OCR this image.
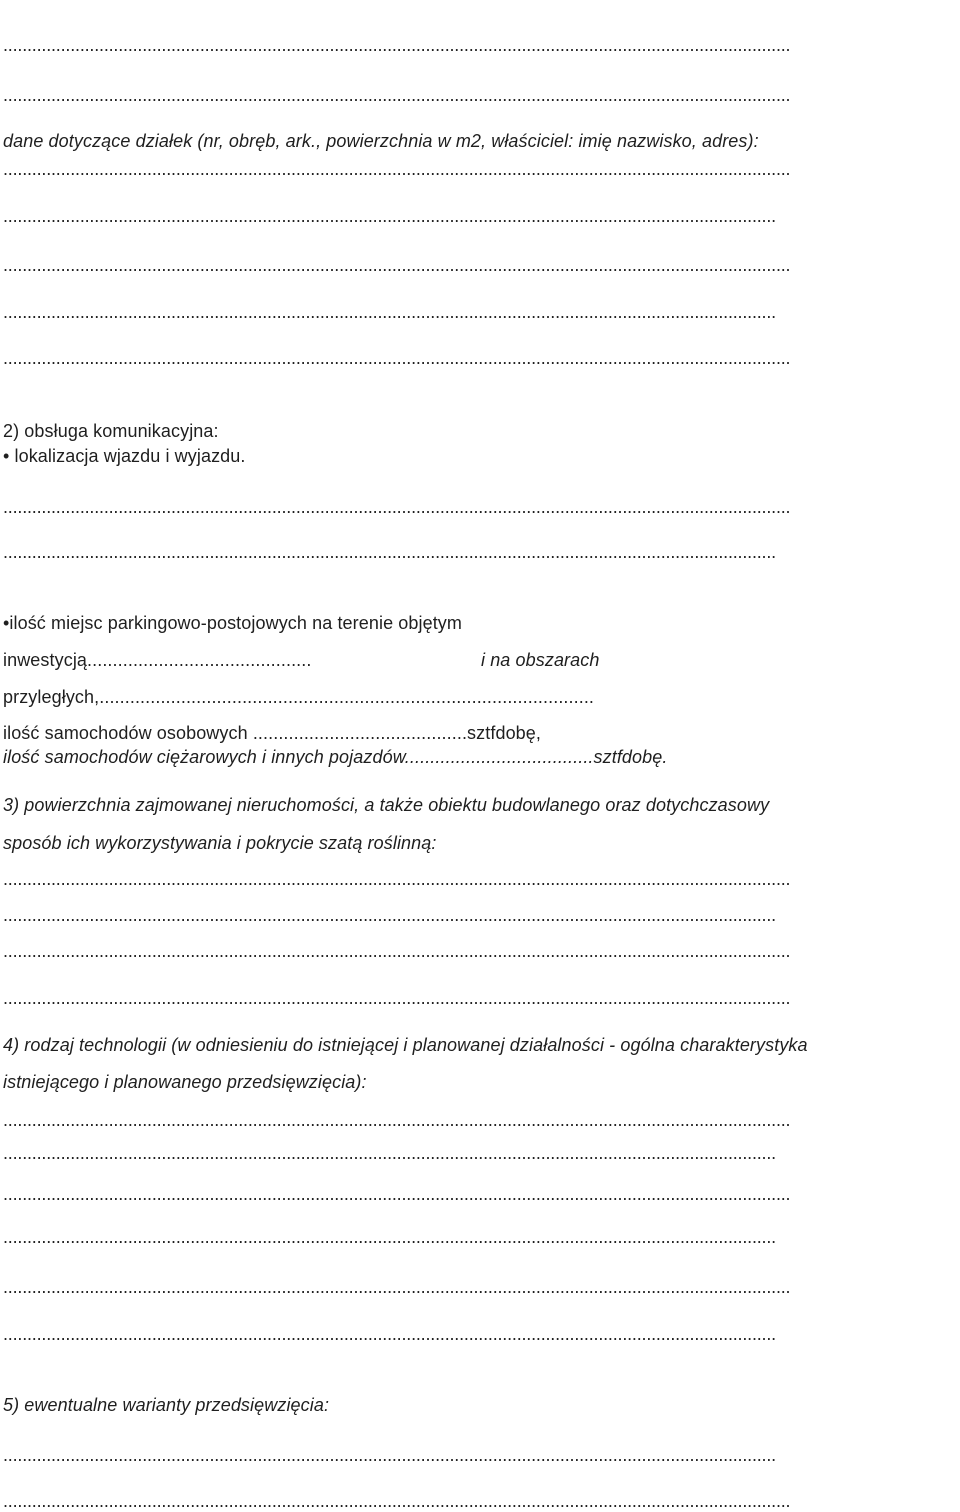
....................................................................................................................................................................
....................................................................................................................................................................
dane dotyczące działek (nr, obręb, ark., powierzchnia w m2, właściciel: imię nazwisko, adres):
....................................................................................................................................................................
.................................................................................................................................................................
....................................................................................................................................................................
.................................................................................................................................................................
....................................................................................................................................................................
2) obsługa komunikacyjna:
• lokalizacja wjazdu i wyjazdu.
....................................................................................................................................................................
.................................................................................................................................................................
•ilość miejsc parkingowo-postojowych na terenie objętym
inwestycją............................................	i na obszarach
przyległych,.................................................................................................
ilość samochodów osobowych ..........................................sztfdobę,
ilość samochodów ciężarowych i innych pojazdów.....................................sztfdobę.
3) powierzchnia zajmowanej nieruchomości, a także obiektu budowlanego oraz dotychczasowy
sposób ich wykorzystywania i pokrycie szatą roślinną:
....................................................................................................................................................................
.................................................................................................................................................................
....................................................................................................................................................................
....................................................................................................................................................................
4) rodzaj technologii (w odniesieniu do istniejącej i planowanej działalności - ogólna charakterystyka
istniejącego i planowanego przedsięwzięcia):
....................................................................................................................................................................
.................................................................................................................................................................
....................................................................................................................................................................
.................................................................................................................................................................
....................................................................................................................................................................
.................................................................................................................................................................
5) ewentualne warianty przedsięwzięcia:
.................................................................................................................................................................
....................................................................................................................................................................
